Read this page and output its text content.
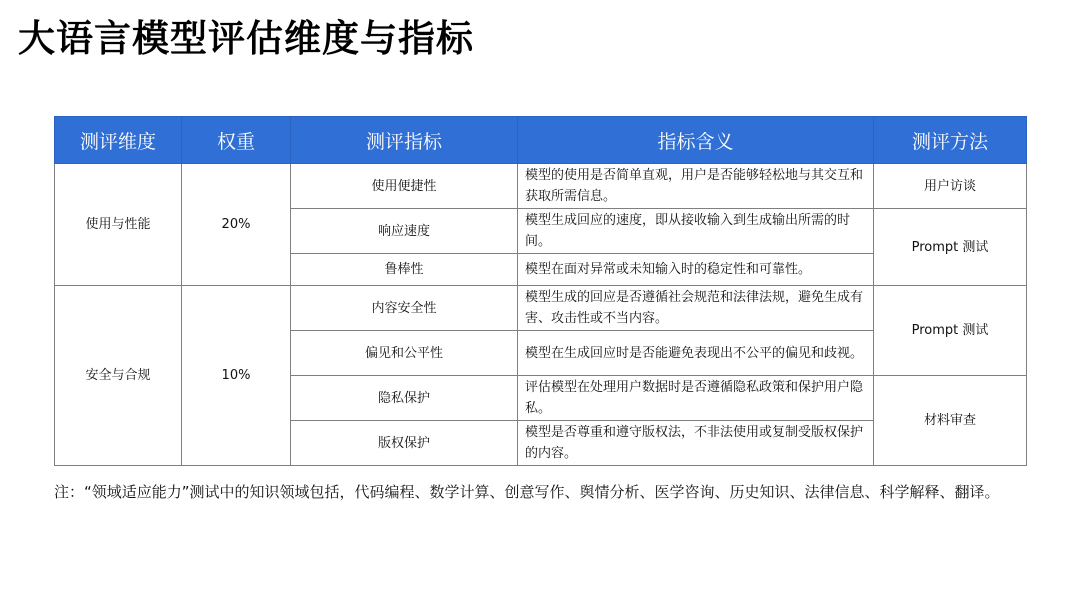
大语言模型评估维度与指标
测评维度	权重	测评指标	指标含义	测评方法
使用与性能	20%	使用便捷性	模型的使用是否简单直观，用户是否能够轻松地与其交互和获取所需信息。	用户访谈
		响应速度	模型生成回应的速度，即从接收输入到生成输出所需的时间。	Prompt 测试
		鲁棒性	模型在面对异常或未知输入时的稳定性和可靠性。	
安全与合规	10%	内容安全性	模型生成的回应是否遵循社会规范和法律法规，避免生成有害、攻击性或不当内容。	Prompt 测试
		偏见和公平性	模型在生成回应时是否能避免表现出不公平的偏见和歧视。	
		隐私保护	评估模型在处理用户数据时是否遵循隐私政策和保护用户隐私。	材料审查
		版权保护	模型是否尊重和遵守版权法，不非法使用或复制受版权保护的内容。	
注：“领域适应能力”测试中的知识领域包括，代码编程、数学计算、创意写作、舆情分析、医学咨询、历史知识、法律信息、科学解释、翻译。
